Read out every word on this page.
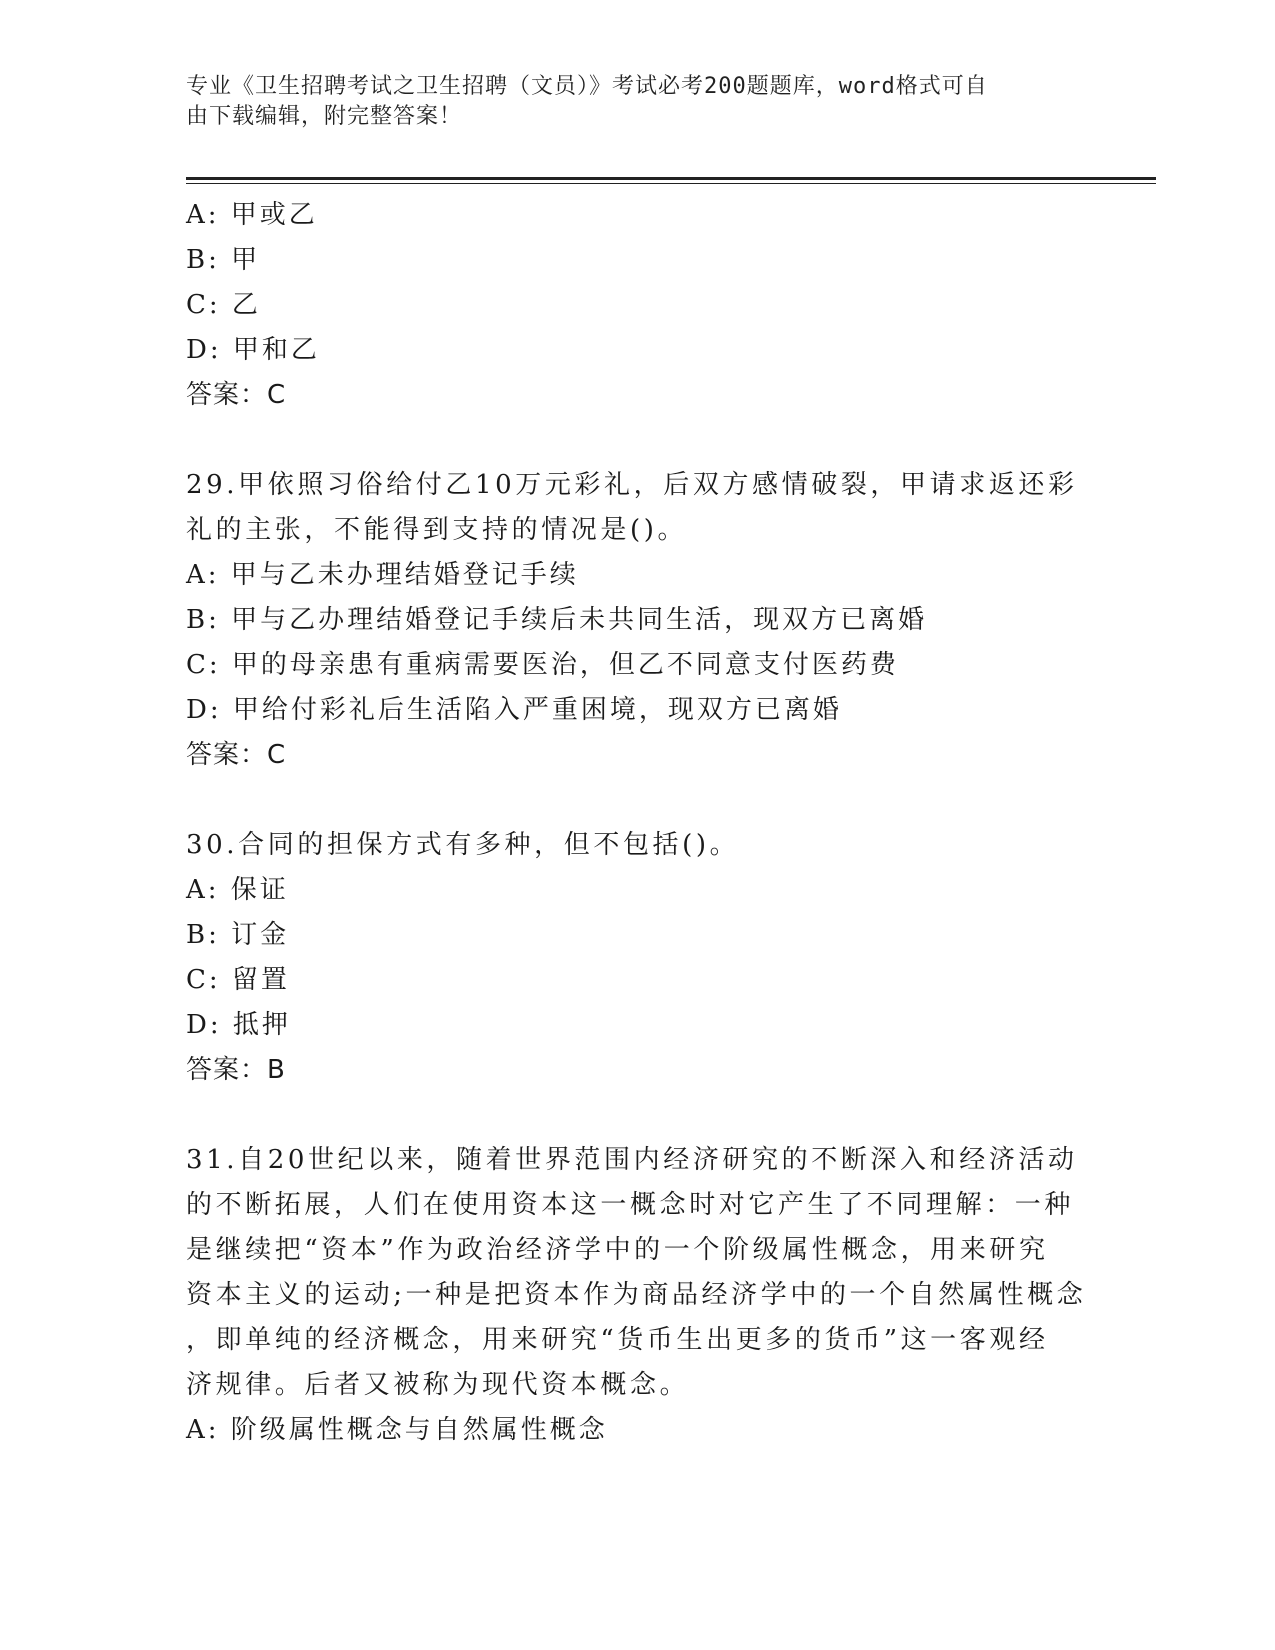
专业《卫生招聘考试之卫生招聘（文员）》考试必考200题题库，word格式可自
由下载编辑，附完整答案！
A: 甲或乙
B: 甲
C: 乙
D: 甲和乙
答案：C
29.甲依照习俗给付乙10万元彩礼，后双方感情破裂，甲请求返还彩
礼的主张，不能得到支持的情况是()。
A: 甲与乙未办理结婚登记手续
B: 甲与乙办理结婚登记手续后未共同生活，现双方已离婚
C: 甲的母亲患有重病需要医治，但乙不同意支付医药费
D: 甲给付彩礼后生活陷入严重困境，现双方已离婚
答案：C
30.合同的担保方式有多种，但不包括()。
A: 保证
B: 订金
C: 留置
D: 抵押
答案：B
31.自20世纪以来，随着世界范围内经济研究的不断深入和经济活动
的不断拓展，人们在使用资本这一概念时对它产生了不同理解：一种
是继续把“资本”作为政治经济学中的一个阶级属性概念，用来研究
资本主义的运动;一种是把资本作为商品经济学中的一个自然属性概念
，即单纯的经济概念，用来研究“货币生出更多的货币”这一客观经
济规律。后者又被称为现代资本概念。
A: 阶级属性概念与自然属性概念
